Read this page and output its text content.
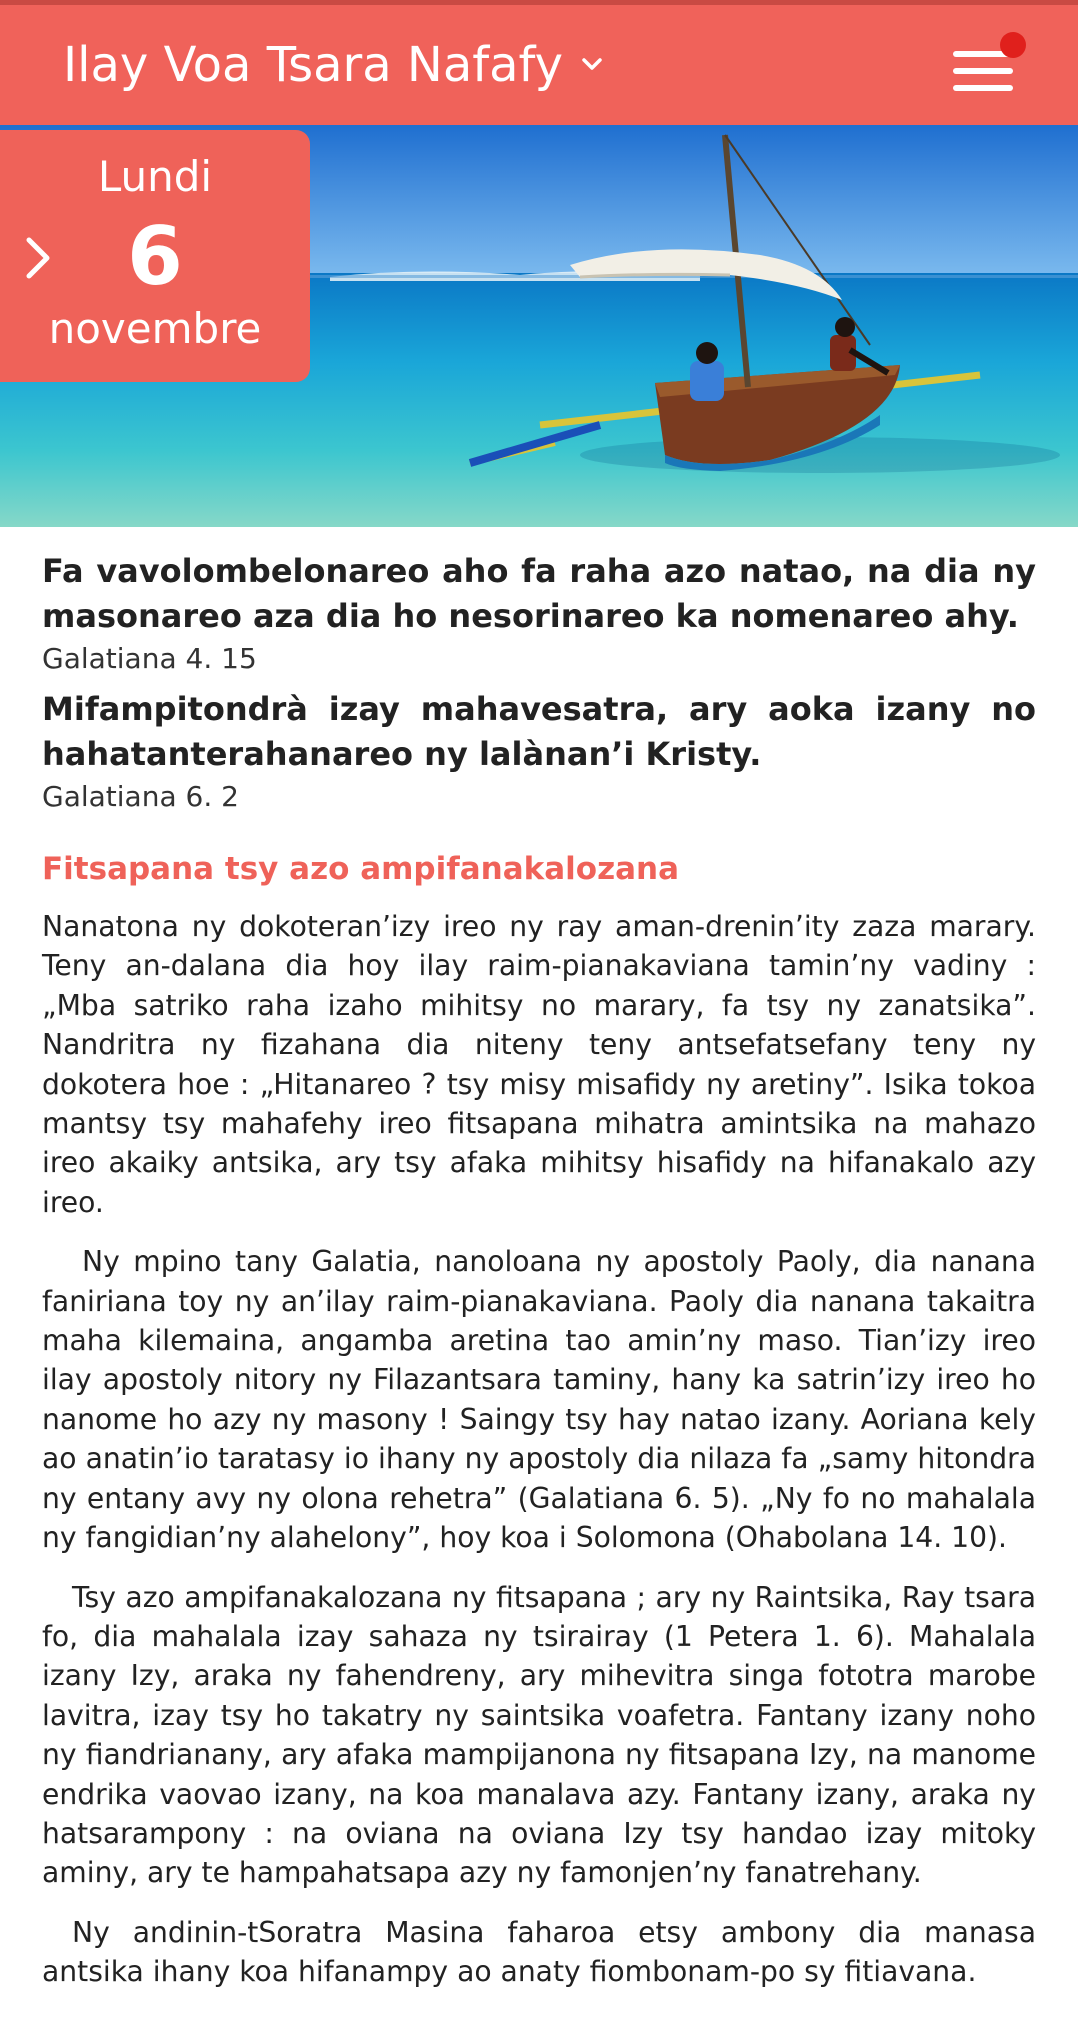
Ilay Voa Tsara Nafafy
Lundi
6
novembre

Fa vavolombelonareo aho fa raha azo natao, na dia ny masonareo aza dia ho nesorinareo ka nomenareo ahy.

Galatiana 4. 15

Mifampitondrà izay mahavesatra, ary aoka izany no hahatanterahanareo ny lalànan’i Kristy.

Galatiana 6. 2

Fitsapana tsy azo ampifanakalozana

Nanatona ny dokoteran’izy ireo ny ray aman-dreninʼity zaza marary. Teny an-dalana dia hoy ilay raim-pianakaviana taminʼny vadiny : „Mba satriko raha izaho mihitsy no marary, fa tsy ny zanatsika”. Nandritra ny fizahana dia niteny teny antsefatsefany teny ny dokotera hoe : „Hitanareo ? tsy misy misafidy ny aretiny”. Isika tokoa mantsy tsy mahafehy ireo fitsapana mihatra amintsika na mahazo ireo akaiky antsika, ary tsy afaka mihitsy hisafidy na hifanakalo azy ireo.

Ny mpino tany Galatia, nanoloana ny apostoly Paoly, dia nanana faniriana toy ny anʼilay raim-pianakaviana. Paoly dia nanana takaitra maha kilemaina, angamba aretina tao aminʼny maso. Tianʼizy ireo ilay apostoly nitory ny Filazantsara taminy, hany ka satrinʼizy ireo ho nanome ho azy ny masony ! Saingy tsy hay natao izany. Aoriana kely ao anatinʼio taratasy io ihany ny apostoly dia nilaza fa „samy hitondra ny entany avy ny olona rehetra” (Galatiana 6. 5). „Ny fo no mahalala ny fangidianʼny alahelony”, hoy koa i Solomona (Ohabolana 14. 10).

Tsy azo ampifanakalozana ny fitsapana ; ary ny Raintsika, Ray tsara fo, dia mahalala izay sahaza ny tsirairay (1 Petera 1. 6). Mahalala izany Izy, araka ny fahendreny, ary mihevitra singa fototra marobe lavitra, izay tsy ho takatry ny saintsika voafetra. Fantany izany noho ny fiandrianany, ary afaka mampijanona ny fitsapana Izy, na manome endrika vaovao izany, na koa manalava azy. Fantany izany, araka ny hatsarampony : na oviana na oviana Izy tsy handao izay mitoky aminy, ary te hampahatsapa azy ny famonjenʼny fanatrehany.

Ny andinin-tSoratra Masina faharoa etsy ambony dia manasa antsika ihany koa hifanampy ao anaty fiombonam-po sy fitiavana.
